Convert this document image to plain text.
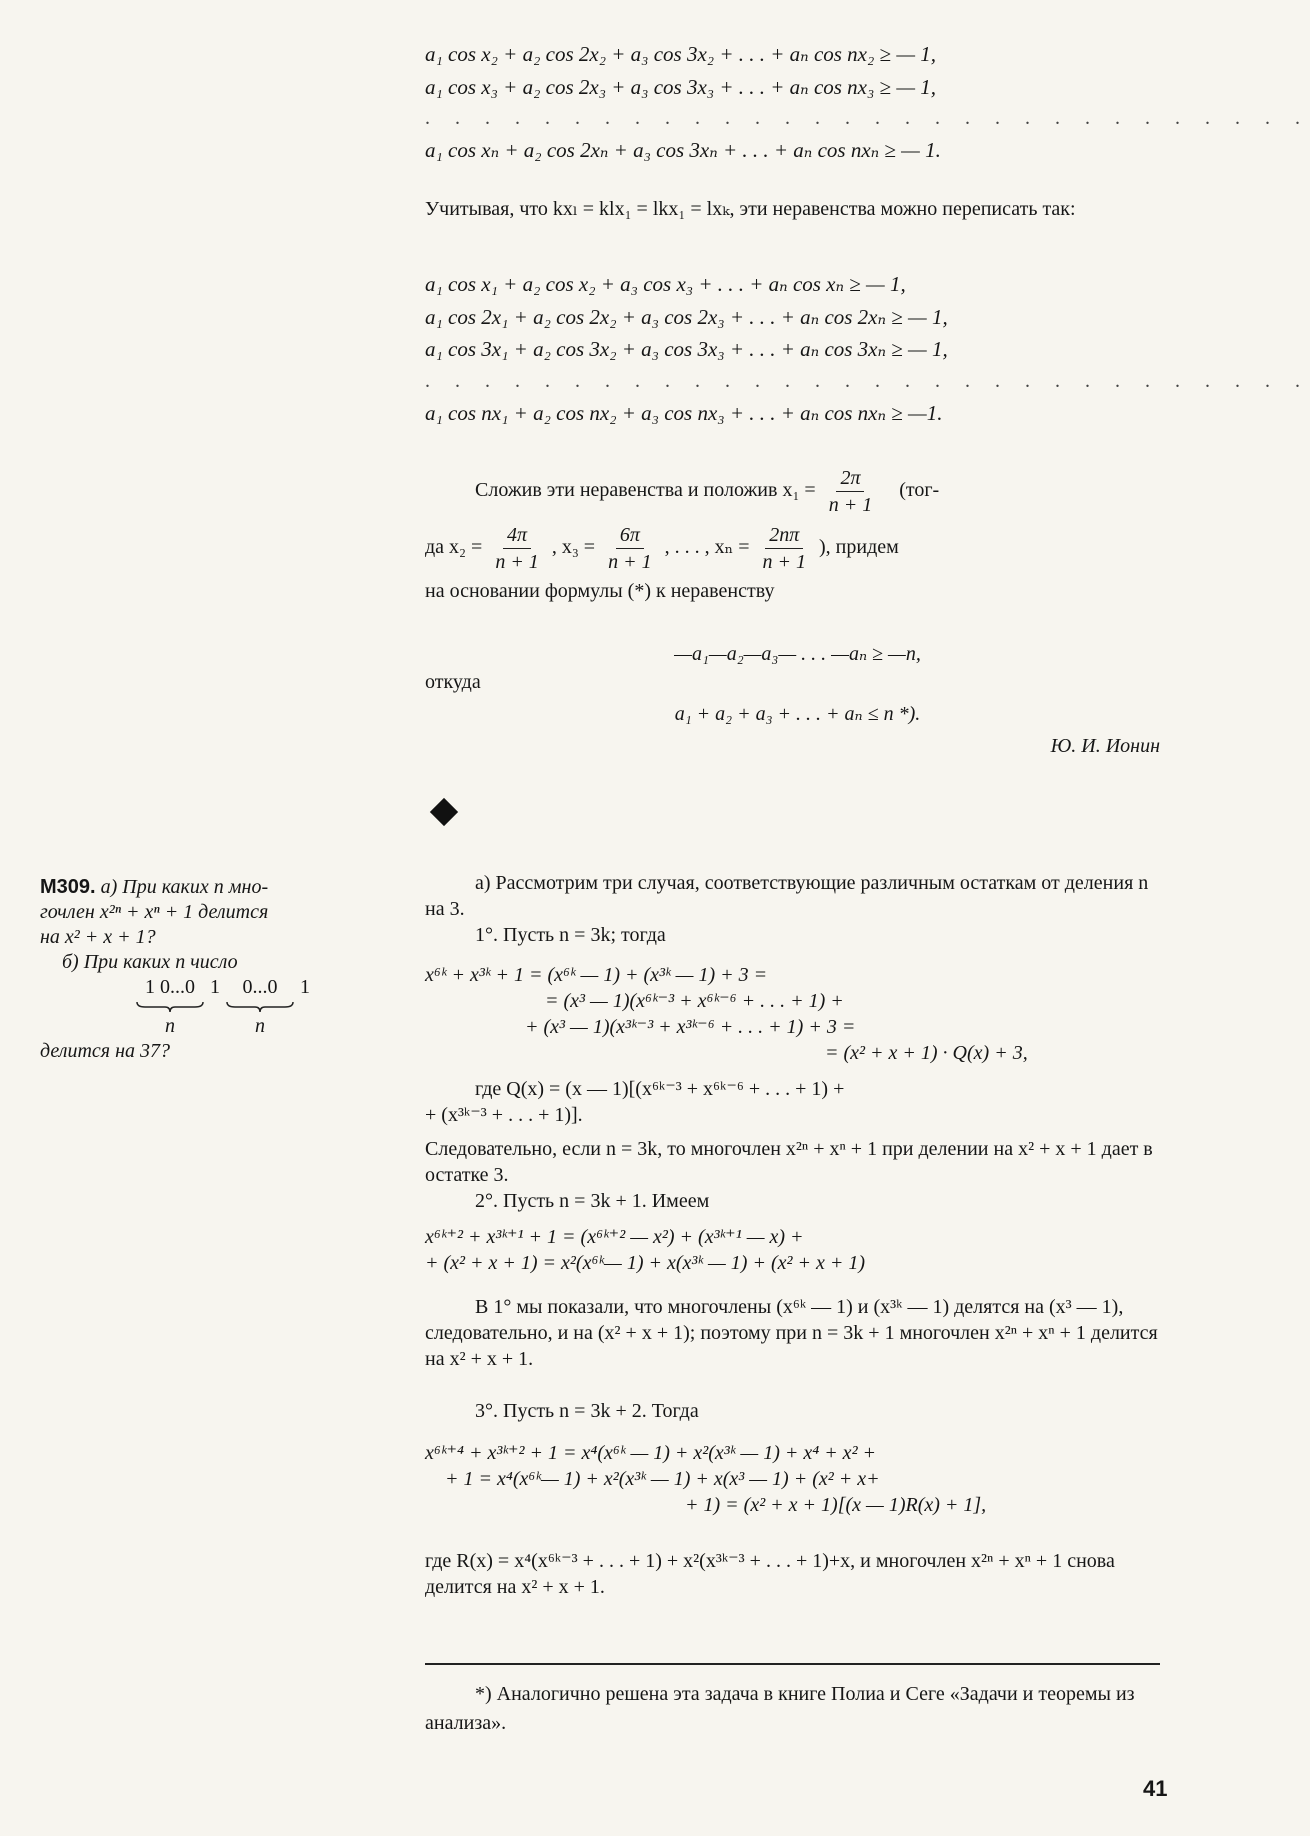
a₁ cos x₂ + a₂ cos 2x₂ + a₃ cos 3x₂ + . . . + aₙ cos nx₂ ≥ — 1,
a₁ cos x₃ + a₂ cos 2x₃ + a₃ cos 3x₃ + . . . + aₙ cos nx₃ ≥ — 1,
. . . . . . . . . . . . . . . . . . . . . . . . . . . . . .
a₁ cos xₙ + a₂ cos 2xₙ + a₃ cos 3xₙ + . . . + aₙ cos nxₙ ≥ — 1.
Учитывая, что kxₗ = klx₁ = lkx₁ = lxₖ, эти неравенства можно переписать так:
a₁ cos x₁ + a₂ cos x₂ + a₃ cos x₃ + . . . + aₙ cos xₙ ≥ — 1,
a₁ cos 2x₁ + a₂ cos 2x₂ + a₃ cos 2x₃ + . . . + aₙ cos 2xₙ ≥ — 1,
a₁ cos 3x₁ + a₂ cos 3x₂ + a₃ cos 3x₃ + . . . + aₙ cos 3xₙ ≥ — 1,
. . . . . . . . . . . . . . . . . . . . . . . . . . . . . .
a₁ cos nx₁ + a₂ cos nx₂ + a₃ cos nx₃ + . . . + aₙ cos nxₙ ≥ —1.
Сложив эти неравенства и положив $x_1 = \frac{2\pi}{n + 1} (тог-$
да $x_2 = \frac{4\pi}{n + 1}$ , $x_3 = \frac{6\pi}{n + 1}$ , . . . , $x_n = \frac{2n\pi}{n + 1}$ ), придем
на основании формулы (*) к неравенству
—a₁—a₂—a₃— . . . —aₙ ≥ —n,
откуда
a₁ + a₂ + a₃ + . . . + aₙ ≤ n *).
Ю. И. Ионин
M309. а) При каких n мно-
гочлен x²ⁿ + xⁿ + 1 делится
на x² + x + 1?
б) При каких n число
1 0...0
n
1 0...0
n
1
делится на 37?
а) Рассмотрим три случая, соответствующие различным остаткам от деления n на 3.
1°. Пусть n = 3k; тогда
x⁶ᵏ + x³ᵏ + 1 = (x⁶ᵏ — 1) + (x³ᵏ — 1) + 3 =
= (x³ — 1)(x⁶ᵏ⁻³ + x⁶ᵏ⁻⁶ + . . . + 1) +
+ (x³ — 1)(x³ᵏ⁻³ + x³ᵏ⁻⁶ + . . . + 1) + 3 =
= (x² + x + 1) · Q(x) + 3,
где Q(x) = (x — 1)[(x⁶ᵏ⁻³ + x⁶ᵏ⁻⁶ + . . . + 1) +
+ (x³ᵏ⁻³ + . . . + 1)].
Следовательно, если n = 3k, то многочлен x²ⁿ + xⁿ + 1 при делении на x² + x + 1 дает в остатке 3.
2°. Пусть n = 3k + 1. Имеем
x⁶ᵏ⁺² + x³ᵏ⁺¹ + 1 = (x⁶ᵏ⁺² — x²) + (x³ᵏ⁺¹ — x) +
+ (x² + x + 1) = x²(x⁶ᵏ— 1) + x(x³ᵏ — 1) + (x² + x + 1)
В 1° мы показали, что многочлены (x⁶ᵏ — 1) и (x³ᵏ — 1) делятся на (x³ — 1), следовательно, и на (x² + x + 1); поэтому при n = 3k + 1 многочлен x²ⁿ + xⁿ + 1 делится на x² + x + 1.
3°. Пусть n = 3k + 2. Тогда
x⁶ᵏ⁺⁴ + x³ᵏ⁺² + 1 = x⁴(x⁶ᵏ — 1) + x²(x³ᵏ — 1) + x⁴ + x² +
+ 1 = x⁴(x⁶ᵏ— 1) + x²(x³ᵏ — 1) + x(x³ — 1) + (x² + x+
+ 1) = (x² + x + 1)[(x — 1)R(x) + 1],
где R(x) = x⁴(x⁶ᵏ⁻³ + . . . + 1) + x²(x³ᵏ⁻³ + . . . + 1)+x, и многочлен x²ⁿ + xⁿ + 1 снова делится на x² + x + 1.
*) Аналогично решена эта задача в книге Полиа и Сеге «Задачи и теоремы из анализа».
41
